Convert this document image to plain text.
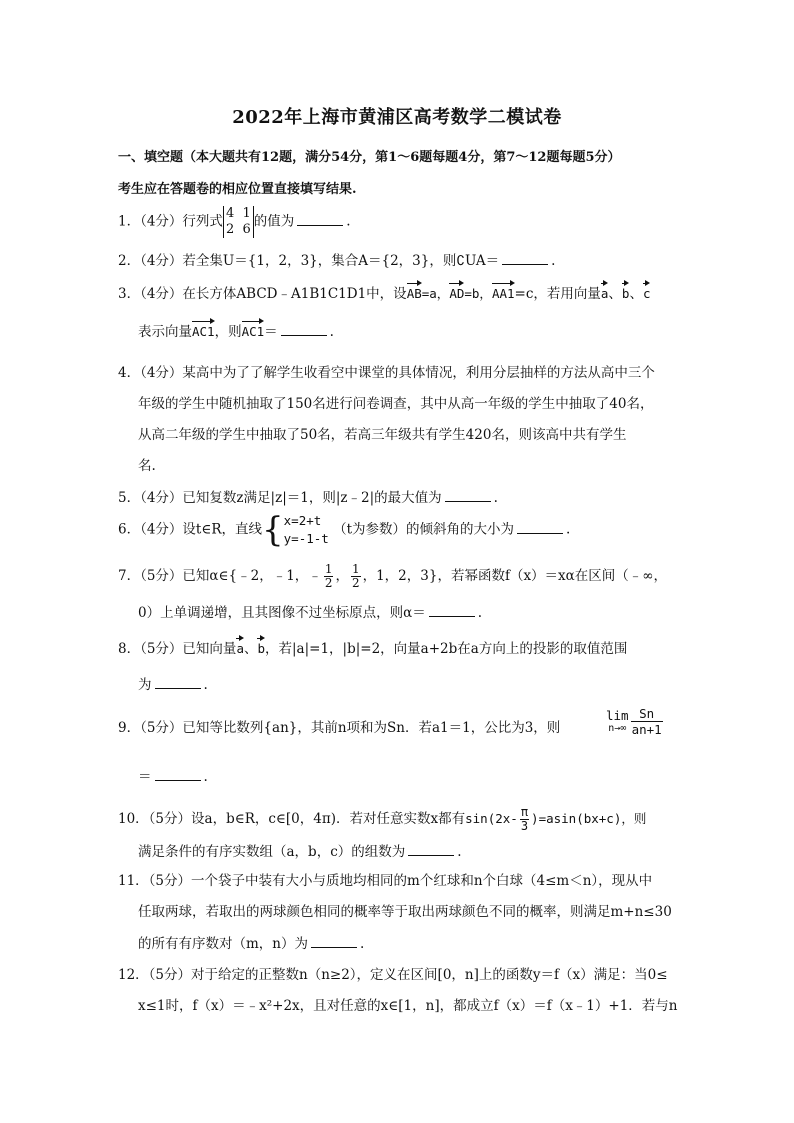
2022年上海市黄浦区高考数学二模试卷
一、填空题（本大题共有12题，满分54分，第1～6题每题4分，第7～12题每题5分）
考生应在答题卷的相应位置直接填写结果.
1．（4分）行列式 4 1
2 6 的值为	.
2．（4分）若全集U＝{1，2，3}，集合A＝{2，3}，则∁UA＝	.
3．（4分）在长方体ABCD﹣A1B1C1D1中，设AB=a，AD=b，AA1=c，若用向量a、b、c
表示向量AC1，则AC1＝	.
4．（4分）某高中为了了解学生收看空中课堂的具体情况，利用分层抽样的方法从高中三个
年级的学生中随机抽取了150名进行问卷调查，其中从高一年级的学生中抽取了40名，
从高二年级的学生中抽取了50名，若高三年级共有学生420名，则该高中共有学生
名.
5．（4分）已知复数z满足|z|＝1，则|z﹣2|的最大值为	.
6．（4分）设t∈R，直线{x=2+t
y=-1-t （t为参数）的倾斜角的大小为	.
7．（5分）已知α∈{﹣2，﹣1，﹣ $\frac{1}{2}$ ， $\frac{1}{2}$ ，1，2，3}，若幂函数f（x）＝xα在区间（﹣∞，
0）上单调递增，且其图像不过坐标原点，则α＝	.
8．（5分）已知向量a、b，若|a|=1，|b|=2，向量a+2b在a方向上的投影的取值范围
为	.
9．（5分）已知等比数列{an}，其前n项和为Sn．若a1＝1，公比为3，则
lim
$n\to\infty \frac{Sn}{an+1}$
＝	.
10．（5分）设a，b∈R，c∈[0，4π)．若对任意实数x都有$\sin(2x- \frac{\pi}{3} )=asin(bx+c)$，则
满足条件的有序实数组（a，b，c）的组数为	.
11．（5分）一个袋子中装有大小与质地均相同的m个红球和n个白球（4≤m＜n），现从中
任取两球，若取出的两球颜色相同的概率等于取出两球颜色不同的概率，则满足m+n≤30
的所有有序数对（m，n）为	.
12．（5分）对于给定的正整数n（n≥2），定义在区间[0，n]上的函数y＝f（x）满足：当0≤
x≤1时，f（x）＝﹣x²+2x，且对任意的x∈[1，n]，都成立f（x）＝f（x﹣1）+1．若与n
